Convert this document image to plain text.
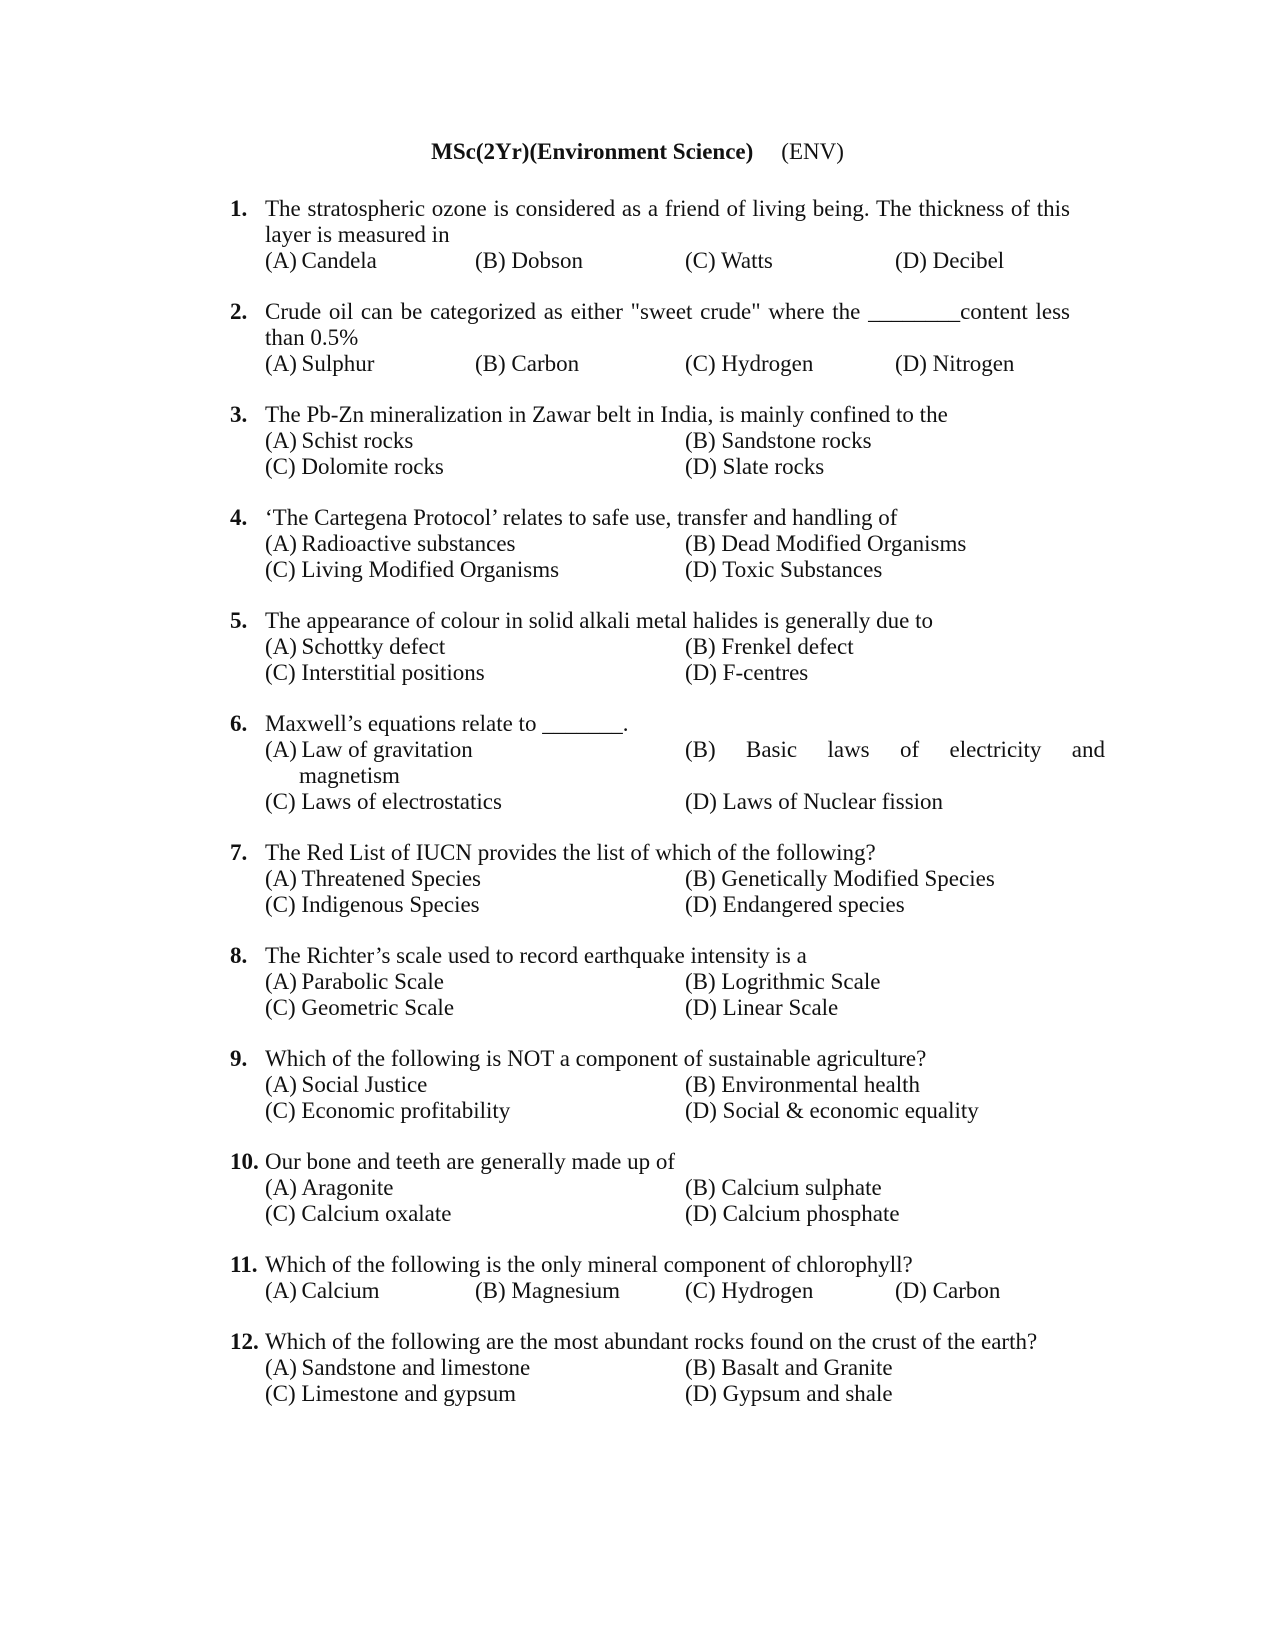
MSc(2Yr)(Environment Science) (ENV)
1. The stratospheric ozone is considered as a friend of living being. The thickness of this layer is measured in
(A) Candela	(B) Dobson	(C) Watts	(D) Decibel
2. Crude oil can be categorized as either "sweet crude" where the ________content less than 0.5%
(A) Sulphur	(B) Carbon	(C) Hydrogen	(D) Nitrogen
3. The Pb-Zn mineralization in Zawar belt in India, is mainly confined to the
(A) Schist rocks	(B) Sandstone rocks
(C) Dolomite rocks	(D) Slate rocks
4. ‘The Cartegena Protocol’ relates to safe use, transfer and handling of
(A) Radioactive substances	(B) Dead Modified Organisms
(C) Living Modified Organisms	(D) Toxic Substances
5. The appearance of colour in solid alkali metal halides is generally due to
(A) Schottky defect	(B) Frenkel defect
(C) Interstitial positions	(D) F-centres
6. Maxwell’s equations relate to _______.
(A) Law of gravitation	(B) Basic laws of electricity and
magnetism
(C) Laws of electrostatics	(D) Laws of Nuclear fission
7. The Red List of IUCN provides the list of which of the following?
(A) Threatened Species	(B) Genetically Modified Species
(C) Indigenous Species	(D) Endangered species
8. The Richter’s scale used to record earthquake intensity is a
(A) Parabolic Scale	(B) Logrithmic Scale
(C) Geometric Scale	(D) Linear Scale
9. Which of the following is NOT a component of sustainable agriculture?
(A) Social Justice	(B) Environmental health
(C) Economic profitability	(D) Social & economic equality
10. Our bone and teeth are generally made up of
(A) Aragonite	(B) Calcium sulphate
(C) Calcium oxalate	(D) Calcium phosphate
11. Which of the following is the only mineral component of chlorophyll?
(A) Calcium	(B) Magnesium	(C) Hydrogen	(D) Carbon
12. Which of the following are the most abundant rocks found on the crust of the earth?
(A) Sandstone and limestone	(B) Basalt and Granite
(C) Limestone and gypsum	(D) Gypsum and shale
